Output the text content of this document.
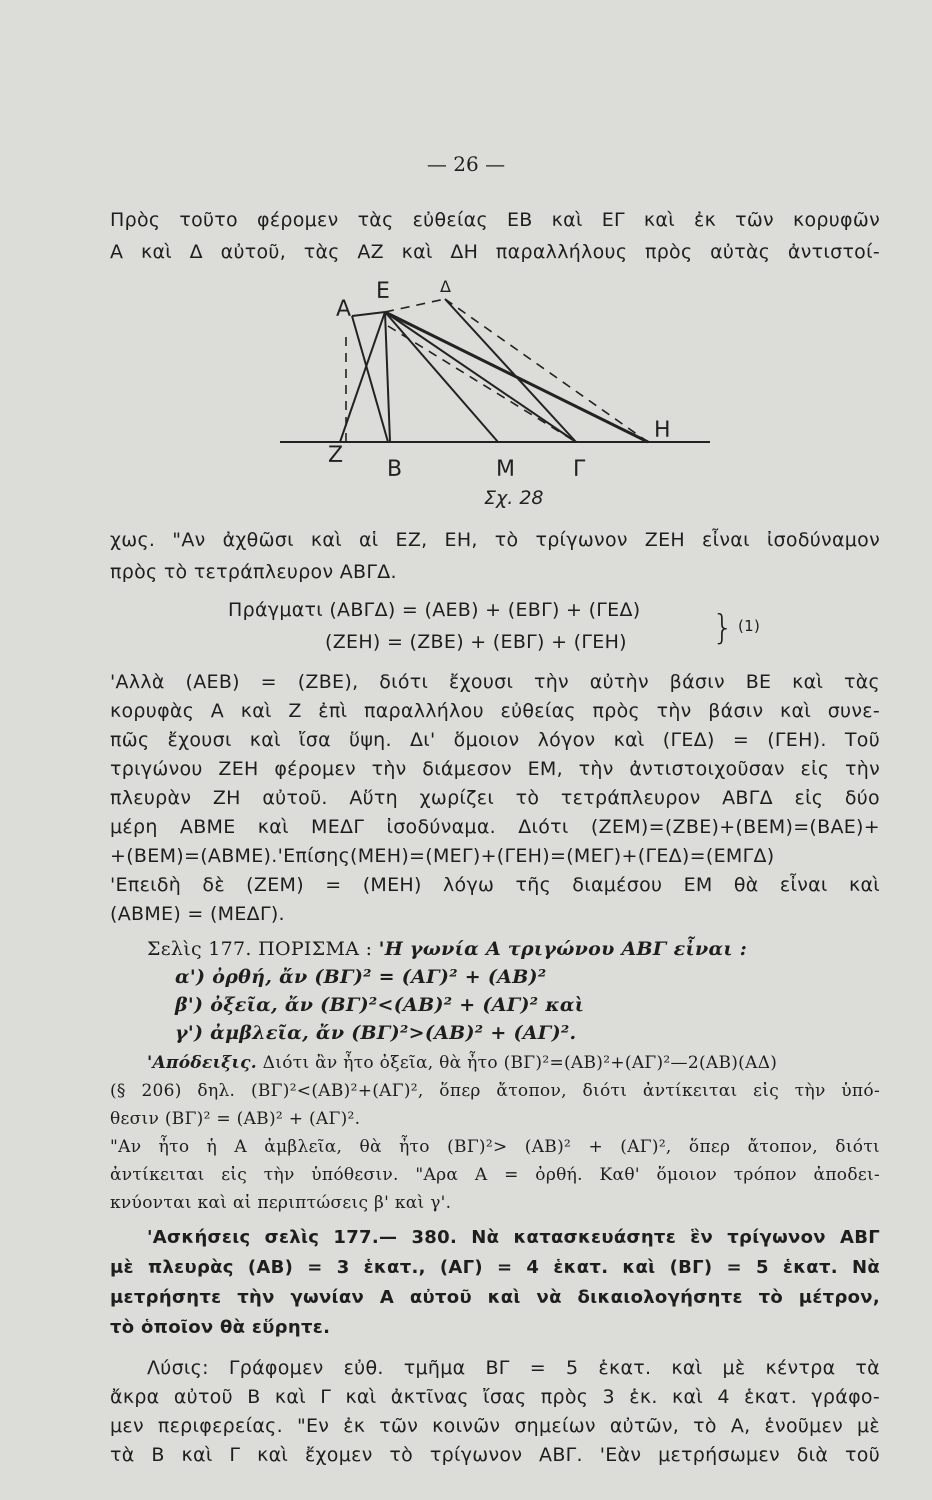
— 26 —
Πρὸς τοῦτο φέρομεν τὰς εὐθείας ΕΒ καὶ ΕΓ καὶ ἐκ τῶν κορυφῶν
Α καὶ Δ αὐτοῦ, τὰς ΑΖ καὶ ΔΗ παραλλήλους πρὸς αὐτὰς ἀντιστοί-
Α
Ε	Δ
Ζ
Β	Μ	Γ
Η
Σχ. 28
χως. "Αν ἀχθῶσι καὶ αἱ ΕΖ, ΕΗ, τὸ τρίγωνον ΖΕΗ εἶναι ἰσοδύναμον
πρὸς τὸ τετράπλευρον ΑΒΓΔ.
Πράγματι (ΑΒΓΔ) = (ΑΕΒ) + (ΕΒΓ) + (ΓΕΔ)
(ΖΕΗ) = (ΖΒΕ) + (ΕΒΓ) + (ΓΕΗ)	} (1)
'Αλλὰ (ΑΕΒ) = (ΖΒΕ), διότι ἔχουσι τὴν αὐτὴν βάσιν ΒΕ καὶ τὰς
κορυφὰς Α καὶ Ζ ἐπὶ παραλλήλου εὐθείας πρὸς τὴν βάσιν καὶ συνε-
πῶς ἔχουσι καὶ ἴσα ὕψη. Δι' ὅμοιον λόγον καὶ (ΓΕΔ) = (ΓΕΗ). Τοῦ
τριγώνου ΖΕΗ φέρομεν τὴν διάμεσον ΕΜ, τὴν ἀντιστοιχοῦσαν εἰς τὴν
πλευρὰν ΖΗ αὐτοῦ. Αὕτη χωρίζει τὸ τετράπλευρον ΑΒΓΔ εἰς δύο
μέρη ΑΒΜΕ καὶ ΜΕΔΓ ἰσοδύναμα. Διότι (ΖΕΜ)=(ΖΒΕ)+(ΒΕΜ)=(ΒΑΕ)+
+(ΒΕΜ)=(ΑΒΜΕ).'Επίσης(ΜΕΗ)=(ΜΕΓ)+(ΓΕΗ)=(ΜΕΓ)+(ΓΕΔ)=(ΕΜΓΔ)
'Επειδὴ δὲ (ΖΕΜ) = (ΜΕΗ) λόγω τῆς διαμέσου ΕΜ θὰ εἶναι καὶ
(ΑΒΜΕ) = (ΜΕΔΓ).
Σελὶς 177. ΠΟΡΙΣΜΑ : 'Η γωνία Α τριγώνου ΑΒΓ εἶναι :
α') ὀρθή, ἄν (ΒΓ)² = (ΑΓ)² + (ΑΒ)²
β') ὀξεῖα, ἄν (ΒΓ)²<(ΑΒ)² + (ΑΓ)² καὶ
γ') ἀμβλεῖα, ἄν (ΒΓ)²>(ΑΒ)² + (ΑΓ)².
'Απόδειξις. Διότι ἂν ἦτο ὀξεῖα, θὰ ἦτο (ΒΓ)²=(ΑΒ)²+(ΑΓ)²—2(ΑΒ)(ΑΔ)
(§ 206) δηλ. (ΒΓ)²<(ΑΒ)²+(ΑΓ)², ὅπερ ἄτοπον, διότι ἀντίκειται εἰς τὴν ὑπό-
θεσιν (ΒΓ)² = (ΑΒ)² + (ΑΓ)².
"Αν ἦτο ἡ Α ἀμβλεῖα, θὰ ἦτο (ΒΓ)²> (ΑΒ)² + (ΑΓ)², ὅπερ ἄτοπον, διότι
ἀντίκειται εἰς τὴν ὑπόθεσιν. "Αρα Α = ὀρθή. Καθ' ὅμοιον τρόπον ἀποδει-
κνύονται καὶ αἱ περιπτώσεις β' καὶ γ'.
'Ασκήσεις σελὶς 177.— 380. Νὰ κατασκευάσητε ἓν τρίγωνον ΑΒΓ
μὲ πλευρὰς (ΑΒ) = 3 ἑκατ., (ΑΓ) = 4 ἑκατ. καὶ (ΒΓ) = 5 ἑκατ. Νὰ
μετρήσητε τὴν γωνίαν Α αὐτοῦ καὶ νὰ δικαιολογήσητε τὸ μέτρον,
τὸ ὁποῖον θὰ εὕρητε.
Λύσις: Γράφομεν εὐθ. τμῆμα ΒΓ = 5 ἑκατ. καὶ μὲ κέντρα τὰ
ἄκρα αὐτοῦ Β καὶ Γ καὶ ἀκτῖνας ἴσας πρὸς 3 ἑκ. καὶ 4 ἑκατ. γράφο-
μεν περιφερείας. "Εν ἐκ τῶν κοινῶν σημείων αὐτῶν, τὸ Α, ἑνοῦμεν μὲ
τὰ Β καὶ Γ καὶ ἔχομεν τὸ τρίγωνον ΑΒΓ. 'Εὰν μετρήσωμεν διὰ τοῦ
